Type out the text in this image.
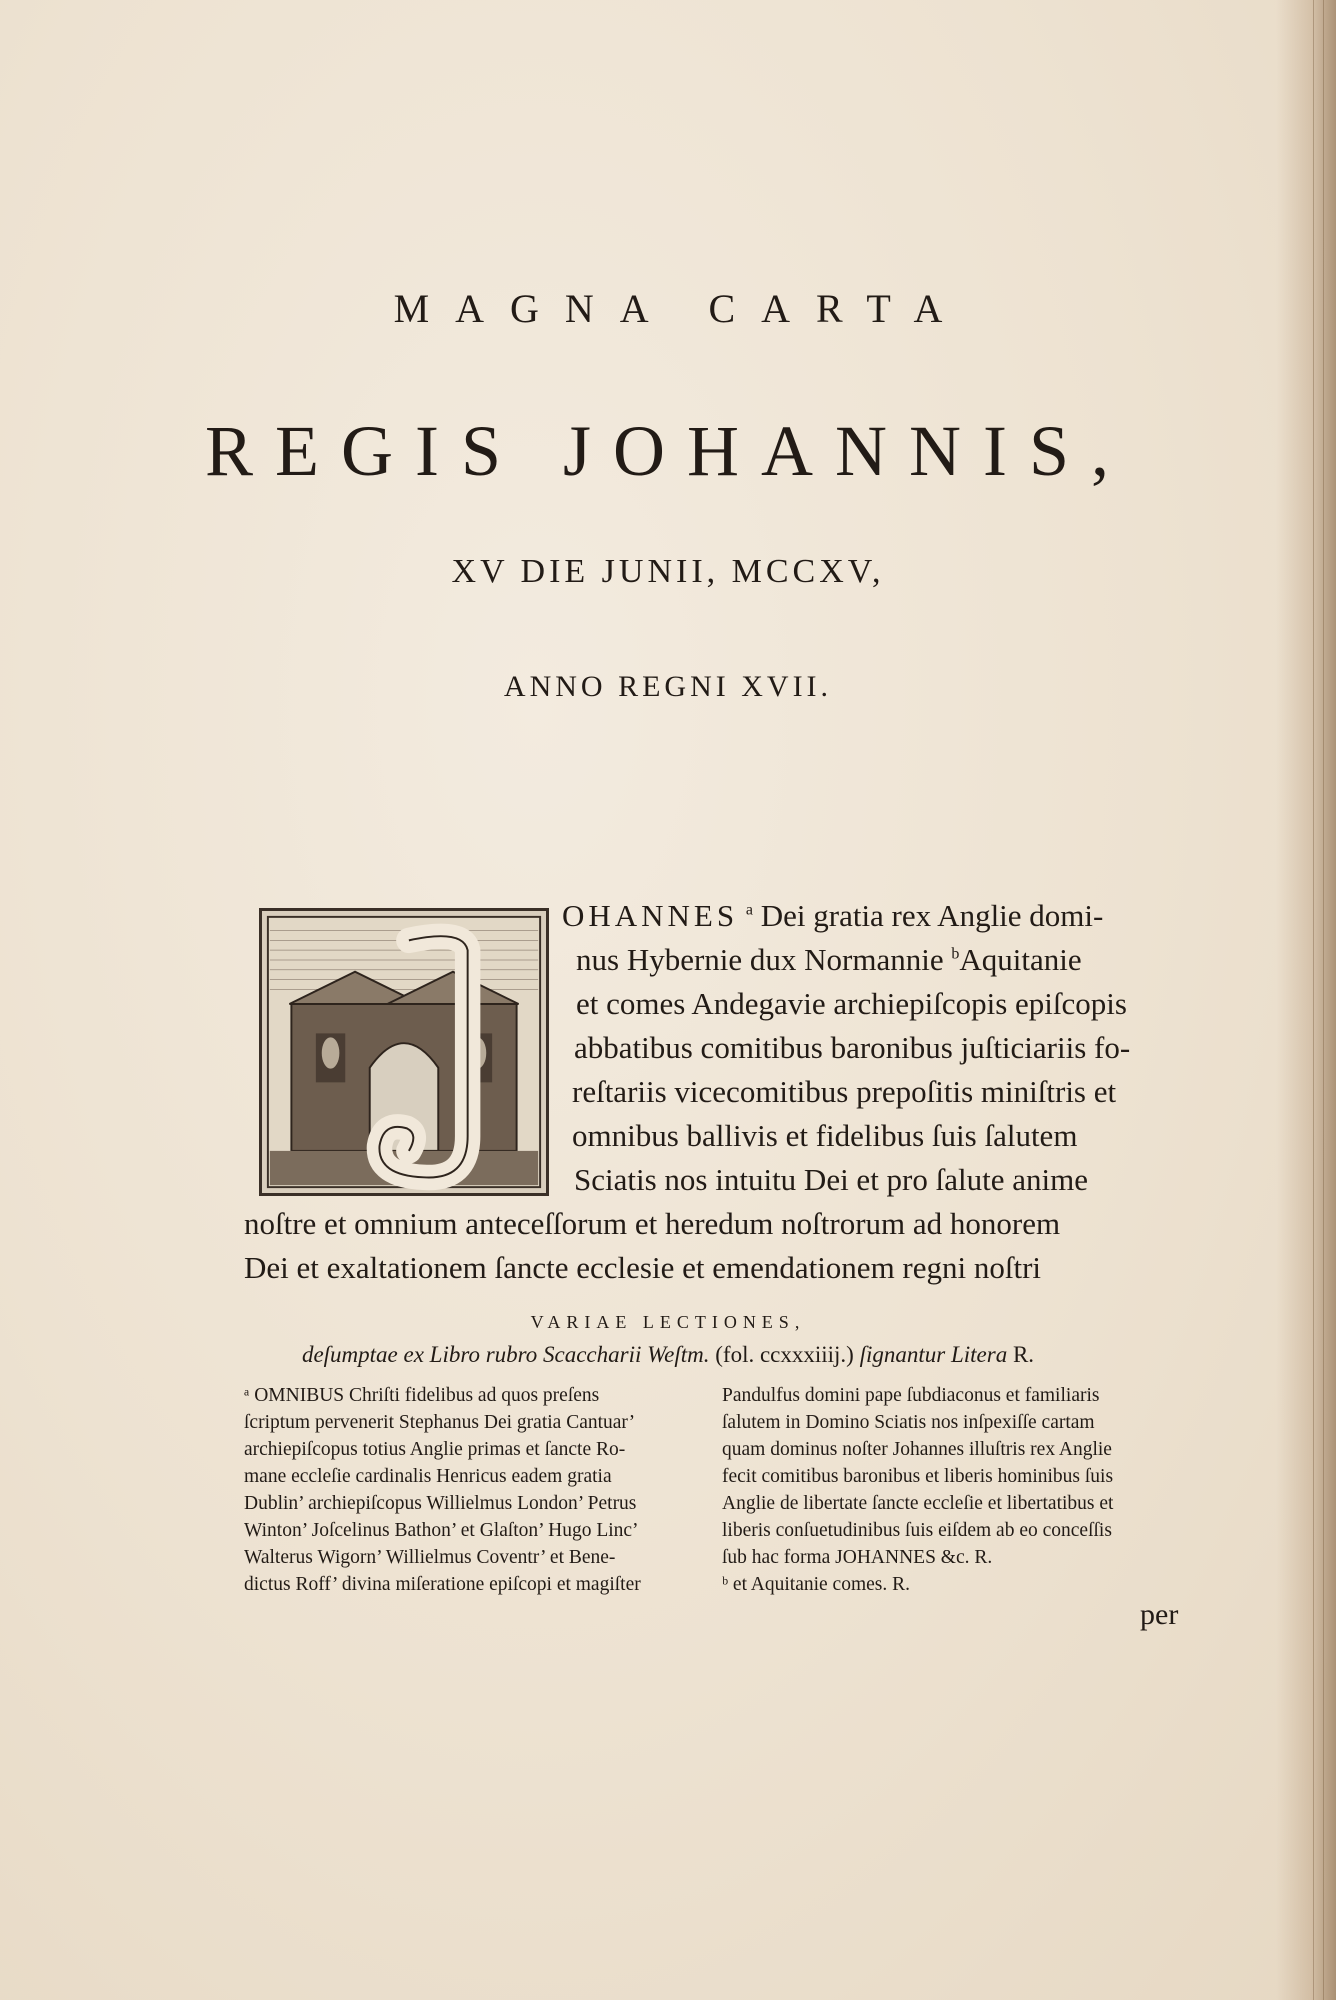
MAGNA CARTA
REGIS JOHANNIS,
XV DIE JUNII, MCCXV,
ANNO REGNI XVII.
OHANNES $^a$ Dei gratia rex Anglie domi-
nus Hybernie dux Normannie $^b$Aquitanie
et comes Andegavie archiepiſcopis epiſcopis
abbatibus comitibus baronibus juſticiariis fo-
reſtariis vicecomitibus prepoſitis miniſtris et
omnibus ballivis et fidelibus ſuis ſalutem
Sciatis nos intuitu Dei et pro ſalute anime
noſtre et omnium anteceſſorum et heredum noſtrorum ad honorem
Dei et exaltationem ſancte ecclesie et emendationem regni noſtri
VARIAE LECTIONES,
deſumptae ex Libro rubro Scaccharii Weſtm. (fol. ccxxxiiij.) ſignantur Litera R.
ᵃ OMNIBUS Chriſti fidelibus ad quos preſens
ſcriptum pervenerit Stephanus Dei gratia Cantuar’
archiepiſcopus totius Anglie primas et ſancte Ro-
mane eccleſie cardinalis Henricus eadem gratia
Dublin’ archiepiſcopus Willielmus London’ Petrus
Winton’ Joſcelinus Bathon’ et Glaſton’ Hugo Linc’
Walterus Wigorn’ Willielmus Coventr’ et Bene-
dictus Roff’ divina miſeratione epiſcopi et magiſter
Pandulfus domini pape ſubdiaconus et familiaris
ſalutem in Domino Sciatis nos inſpexiſſe cartam
quam dominus noſter Johannes illuſtris rex Anglie
fecit comitibus baronibus et liberis hominibus ſuis
Anglie de libertate ſancte eccleſie et libertatibus et
liberis conſuetudinibus ſuis eiſdem ab eo conceſſis
ſub hac forma JOHANNES &c. R.
ᵇ et Aquitanie comes. R.
per
